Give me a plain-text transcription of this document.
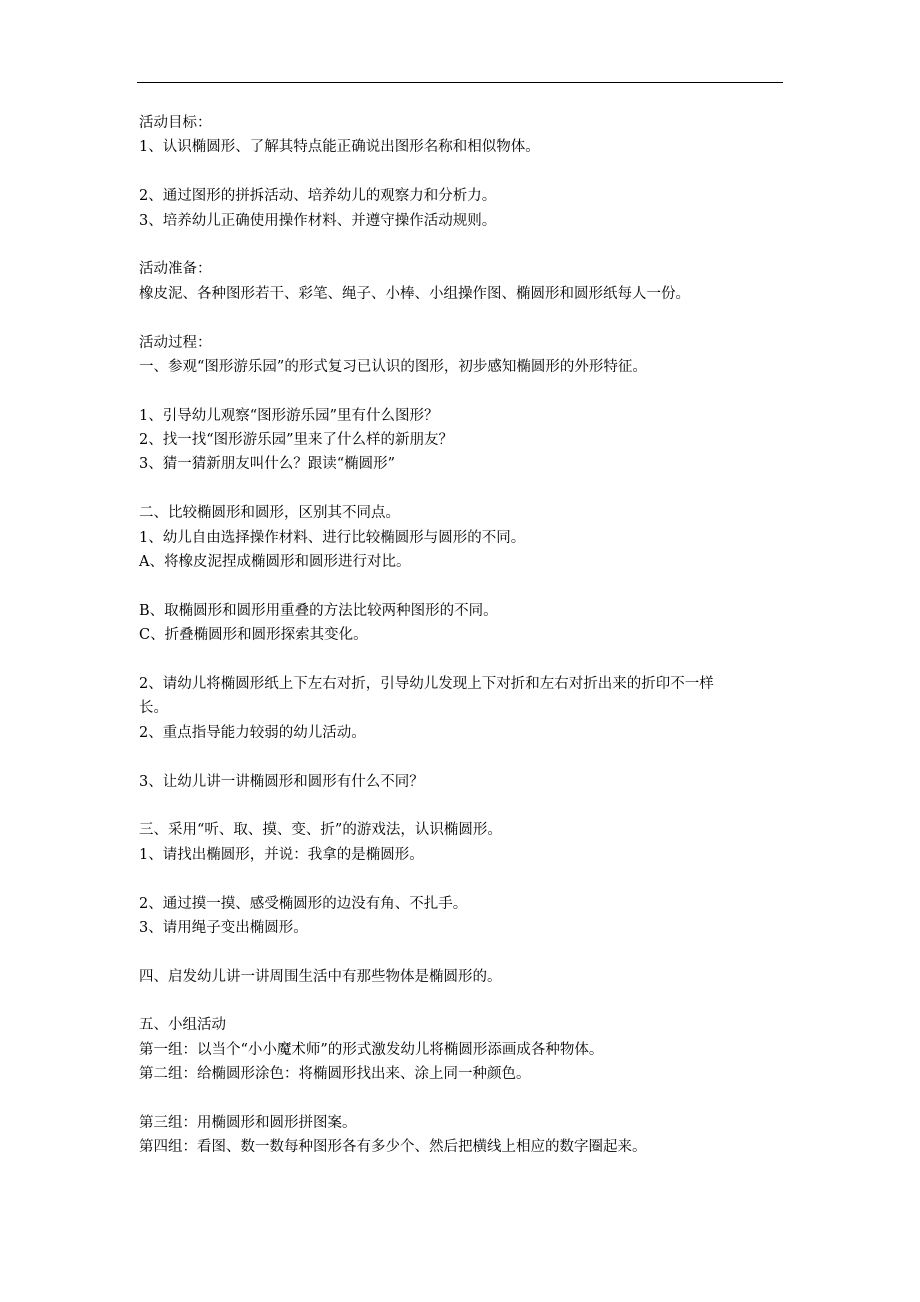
活动目标：
1、认识椭圆形、了解其特点能正确说出图形名称和相似物体。
2、通过图形的拼拆活动、培养幼儿的观察力和分析力。
3、培养幼儿正确使用操作材料、并遵守操作活动规则。
活动准备：
橡皮泥、各种图形若干、彩笔、绳子、小棒、小组操作图、椭圆形和圆形纸每人一份。
活动过程：
一、参观“图形游乐园”的形式复习已认识的图形，初步感知椭圆形的外形特征。
1、引导幼儿观察“图形游乐园”里有什么图形？
2、找一找“图形游乐园”里来了什么样的新朋友？
3、猜一猜新朋友叫什么？跟读“椭圆形”
二、比较椭圆形和圆形，区别其不同点。
1、幼儿自由选择操作材料、进行比较椭圆形与圆形的不同。
A、将橡皮泥捏成椭圆形和圆形进行对比。
B、取椭圆形和圆形用重叠的方法比较两种图形的不同。
C、折叠椭圆形和圆形探索其变化。
2、请幼儿将椭圆形纸上下左右对折，引导幼儿发现上下对折和左右对折出来的折印不一样
长。
2、重点指导能力较弱的幼儿活动。
3、让幼儿讲一讲椭圆形和圆形有什么不同？
三、采用“听、取、摸、变、折”的游戏法，认识椭圆形。
1、请找出椭圆形，并说：我拿的是椭圆形。
2、通过摸一摸、感受椭圆形的边没有角、不扎手。
3、请用绳子变出椭圆形。
四、启发幼儿讲一讲周围生活中有那些物体是椭圆形的。
五、小组活动
第一组：以当个“小小魔术师”的形式激发幼儿将椭圆形添画成各种物体。
第二组：给椭圆形涂色：将椭圆形找出来、涂上同一种颜色。
第三组：用椭圆形和圆形拼图案。
第四组：看图、数一数每种图形各有多少个、然后把横线上相应的数字圈起来。
